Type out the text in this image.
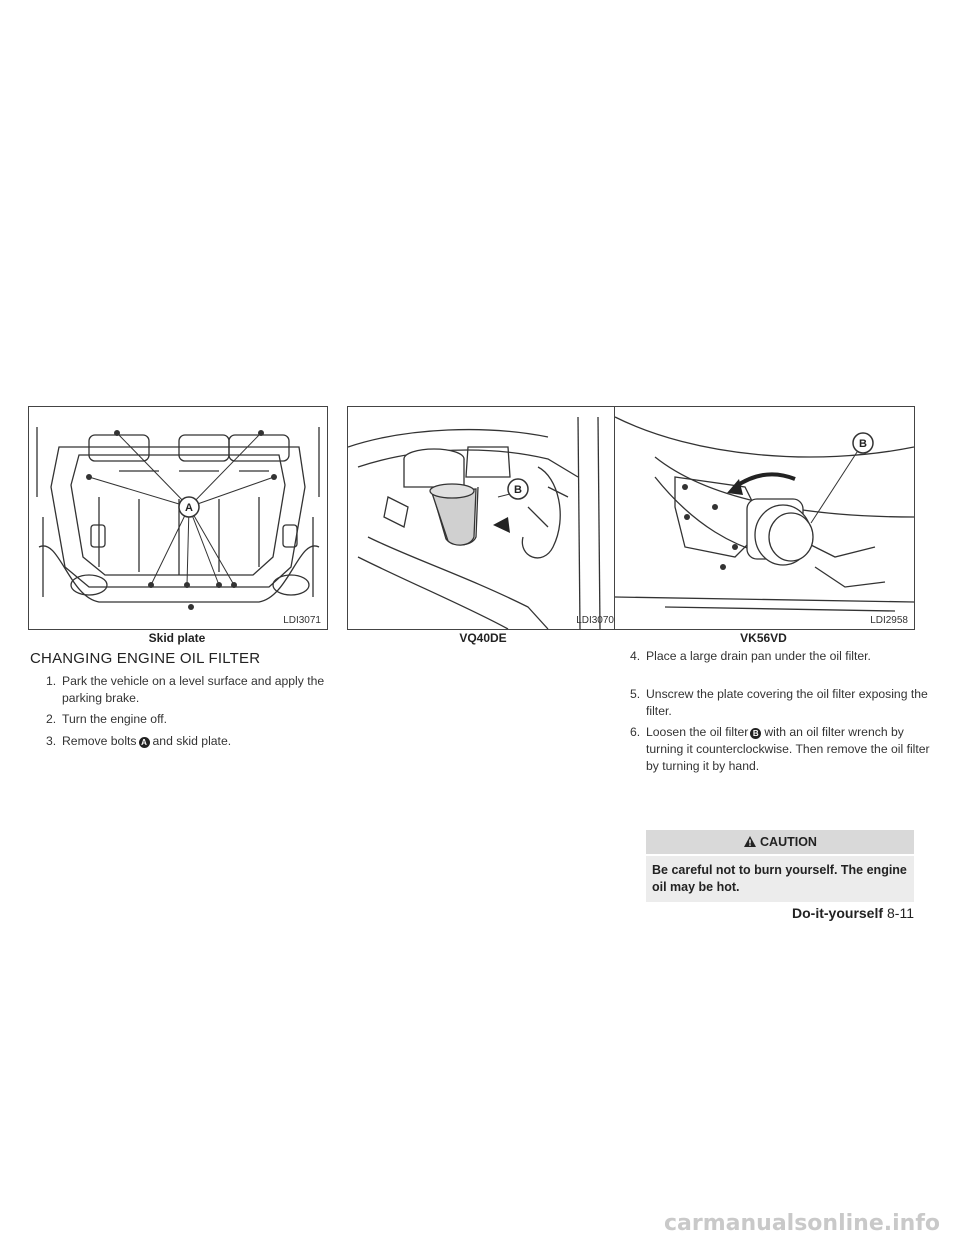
A
LDI3071
Skid plate
B
LDI3070
VQ40DE
B
LDI2958
VK56VD
CHANGING ENGINE OIL FILTER
1. Park the vehicle on a level surface and apply the parking brake.
2. Turn the engine off.
3. Remove bolts A and skid plate.
4. Place a large drain pan under the oil filter.
5. Unscrew the plate covering the oil filter exposing the filter.
6. Loosen the oil filter B with an oil filter wrench by turning it counterclockwise. Then remove the oil filter by turning it by hand.
CAUTION
Be careful not to burn yourself. The engine oil may be hot.
Do-it-yourself 8-11
carmanualsonline.info
